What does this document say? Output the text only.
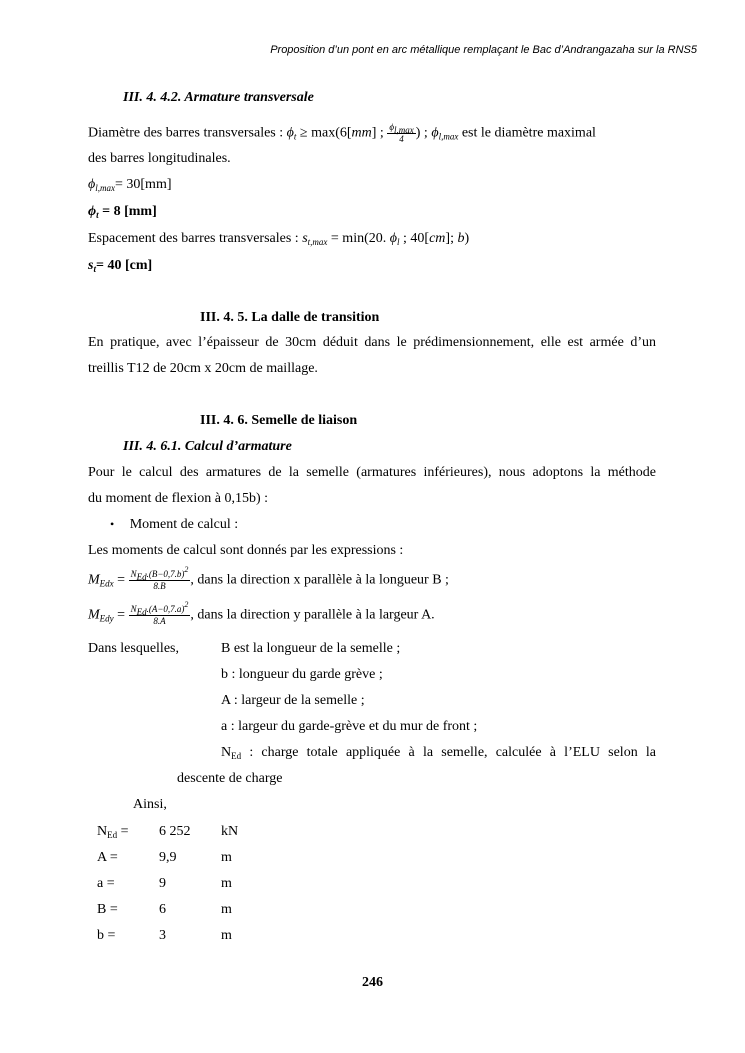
Proposition d’un pont en arc métallique remplaçant le Bac d’Andrangazaha sur la RNS5
III. 4. 4.2. Armature transversale
Diamètre des barres transversales : $\phi_t \ge \max(6[mm]$ ; $\frac{\phi_{l,max}}{4}$ ) ; $\phi_{l,max}$ est le diamètre maximal
des barres longitudinales.
$\phi_{l,max}= 30[mm]$
$\phi_t = 8$ [mm]
Espacement des barres transversales : $s_{t,max} = \min(20$. $\phi_l$ ; 40[cm]; b)
$s_t= 40$ [cm]
III. 4. 5. La dalle de transition
En pratique, avec l’épaisseur de 30cm déduit dans le prédimensionnement, elle est armée d’un
treillis T12 de 20cm x 20cm de maillage.
III. 4. 6. Semelle de liaison
III. 4. 6.1. Calcul d’armature
Pour le calcul des armatures de la semelle (armatures inférieures), nous adoptons la méthode
du moment de flexion à 0,15b) :
• Moment de calcul :
Les moments de calcul sont donnés par les expressions :
$M_{Edx} = \frac{N_{Ed}.(B-0,7.b)^2}{8.B}$ , dans la direction x parallèle à la longueur B ;
$M_{Edy} = \frac{N_{Ed}.(A-0,7.a)^2}{8.A}$ , dans la direction y parallèle à la largeur A.
Dans lesquelles,	B est la longueur de la semelle ;
b : longueur du garde grève ;
A : largeur de la semelle ;
a : largeur du garde-grève et du mur de front ;
$N_{Ed}$ : charge totale appliquée à la semelle, calculée à l’ELU selon la
descente de charge
Ainsi,
$N_{Ed}$ =	6 252	kN
A =	9,9	m
a =	9	m
B =	6	m
b =	3	m
246
